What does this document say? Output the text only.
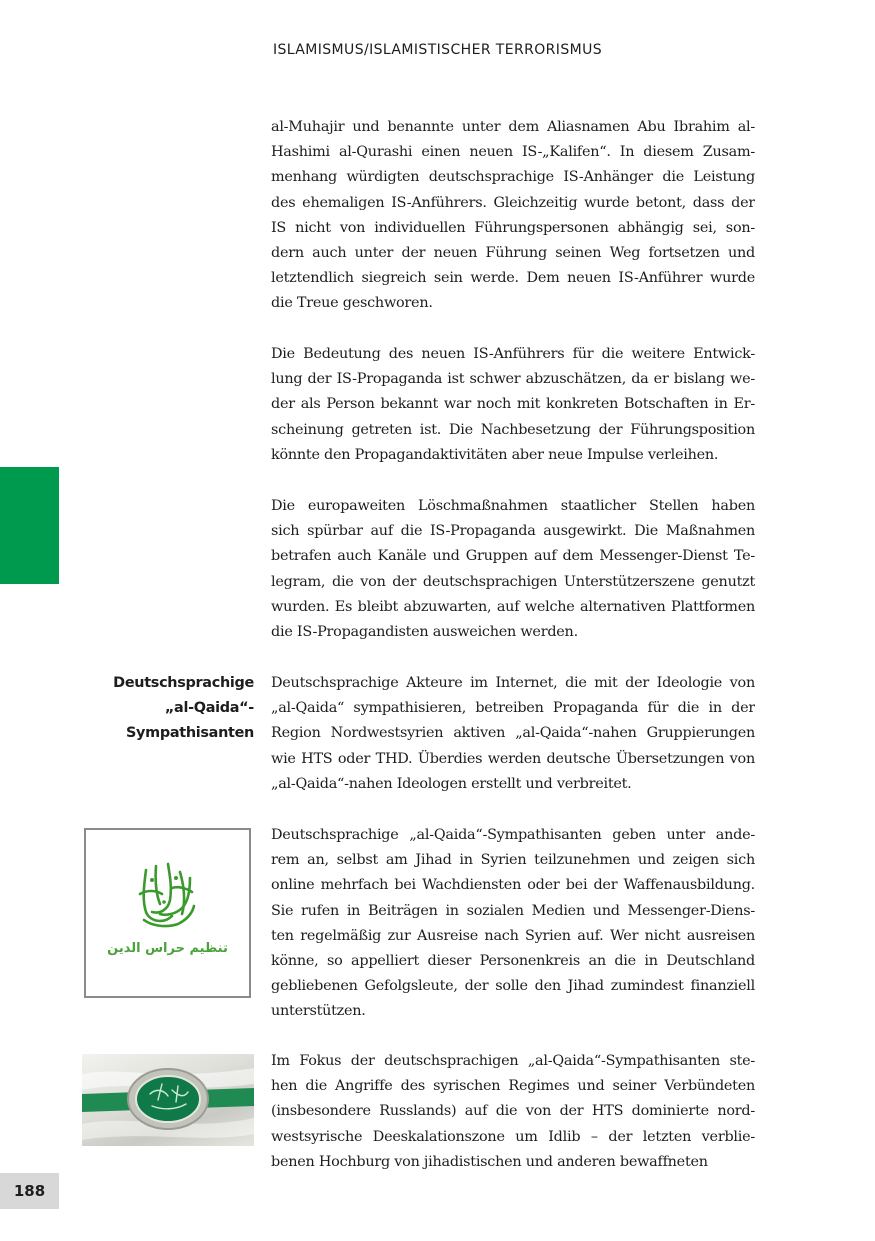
ISLAMISMUS/ISLAMISTISCHER TERRORISMUS
188

al-Muhajir und benannte unter dem Aliasnamen Abu Ibrahim al-
Hashimi al-Qurashi einen neuen IS-„Kalifen“. In diesem Zusam-
menhang würdigten deutschsprachige IS-Anhänger die Leistung
des ehemaligen IS-Anführers. Gleichzeitig wurde betont, dass der
IS nicht von individuellen Führungspersonen abhängig sei, son-
dern auch unter der neuen Führung seinen Weg fortsetzen und
letztendlich siegreich sein werde. Dem neuen IS-Anführer wurde
die Treue geschworen.

Die Bedeutung des neuen IS-Anführers für die weitere Entwick-
lung der IS-Propaganda ist schwer abzuschätzen, da er bislang we-
der als Person bekannt war noch mit konkreten Botschaften in Er-
scheinung getreten ist. Die Nachbesetzung der Führungsposition
könnte den Propagandaktivitäten aber neue Impulse verleihen.

Die europaweiten Löschmaßnahmen staatlicher Stellen haben
sich spürbar auf die IS-Propaganda ausgewirkt. Die Maßnahmen
betrafen auch Kanäle und Gruppen auf dem Messenger-Dienst Te-
legram, die von der deutschsprachigen Unterstützerszene genutzt
wurden. Es bleibt abzuwarten, auf welche alternativen Plattformen
die IS-Propagandisten ausweichen werden.

Deutschsprachige
„al-Qaida“-
Sympathisanten

Deutschsprachige Akteure im Internet, die mit der Ideologie von
„al-Qaida“ sympathisieren, betreiben Propaganda für die in der
Region Nordwestsyrien aktiven „al-Qaida“-nahen Gruppierungen
wie HTS oder THD. Überdies werden deutsche Übersetzungen von
„al-Qaida“-nahen Ideologen erstellt und verbreitet.

تنظيم حراس الدين

Deutschsprachige „al-Qaida“-Sympathisanten geben unter ande-
rem an, selbst am Jihad in Syrien teilzunehmen und zeigen sich
online mehrfach bei Wachdiensten oder bei der Waffenausbildung.
Sie rufen in Beiträgen in sozialen Medien und Messenger-Diens-
ten regelmäßig zur Ausreise nach Syrien auf. Wer nicht ausreisen
könne, so appelliert dieser Personenkreis an die in Deutschland
gebliebenen Gefolgsleute, der solle den Jihad zumindest finanziell
unterstützen.

Im Fokus der deutschsprachigen „al-Qaida“-Sympathisanten ste-
hen die Angriffe des syrischen Regimes und seiner Verbündeten
(insbesondere Russlands) auf die von der HTS dominierte nord-
westsyrische Deeskalationszone um Idlib – der letzten verblie-
benen Hochburg von jihadistischen und anderen bewaffneten
